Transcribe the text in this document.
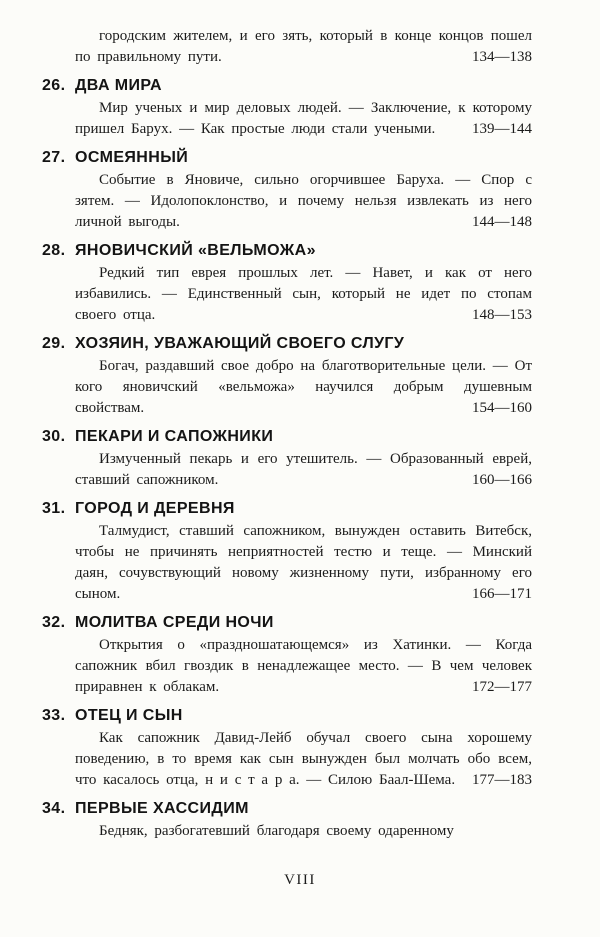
городским жителем, и его зять, который в конце концов пошел по правильному пути.	134—138
26. ДВА МИРА
Мир ученых и мир деловых людей. — Заключение, к которому пришел Барух. — Как простые люди стали учеными.	139—144
27. ОСМЕЯННЫЙ
Событие в Яновиче, сильно огорчившее Баруха. — Спор с зятем. — Идолопоклонство, и почему нельзя извлекать из него личной выгоды.	144—148
28. ЯНОВИЧСКИЙ «ВЕЛЬМОЖА»
Редкий тип еврея прошлых лет. — Навет, и как от него избавились. — Единственный сын, который не идет по стопам своего отца.	148—153
29. ХОЗЯИН, УВАЖАЮЩИЙ СВОЕГО СЛУГУ
Богач, раздавший свое добро на благотворительные цели. — От кого яновичский «вельможа» научился добрым душевным свойствам.	154—160
30. ПЕКАРИ И САПОЖНИКИ
Измученный пекарь и его утешитель. — Образованный еврей, ставший сапожником.	160—166
31. ГОРОД И ДЕРЕВНЯ
Талмудист, ставший сапожником, вынужден оставить Витебск, чтобы не причинять неприятностей тестю и теще. — Минский даян, сочувствующий новому жизненному пути, избранному его сыном.	166—171
32. МОЛИТВА СРЕДИ НОЧИ
Открытия о «праздношатающемся» из Хатинки. — Когда сапожник вбил гвоздик в ненадлежащее место. — В чем человек приравнен к облакам.	172—177
33. ОТЕЦ И СЫН
Как сапожник Давид-Лейб обучал своего сына хорошему поведению, в то время как сын вынужден был молчать обо всем, что касалось отца, н и с т а р а. — Силою Баал-Шема.	177—183
34. ПЕРВЫЕ ХАССИДИМ
Бедняк, разбогатевший благодаря своему одаренному
VIII
